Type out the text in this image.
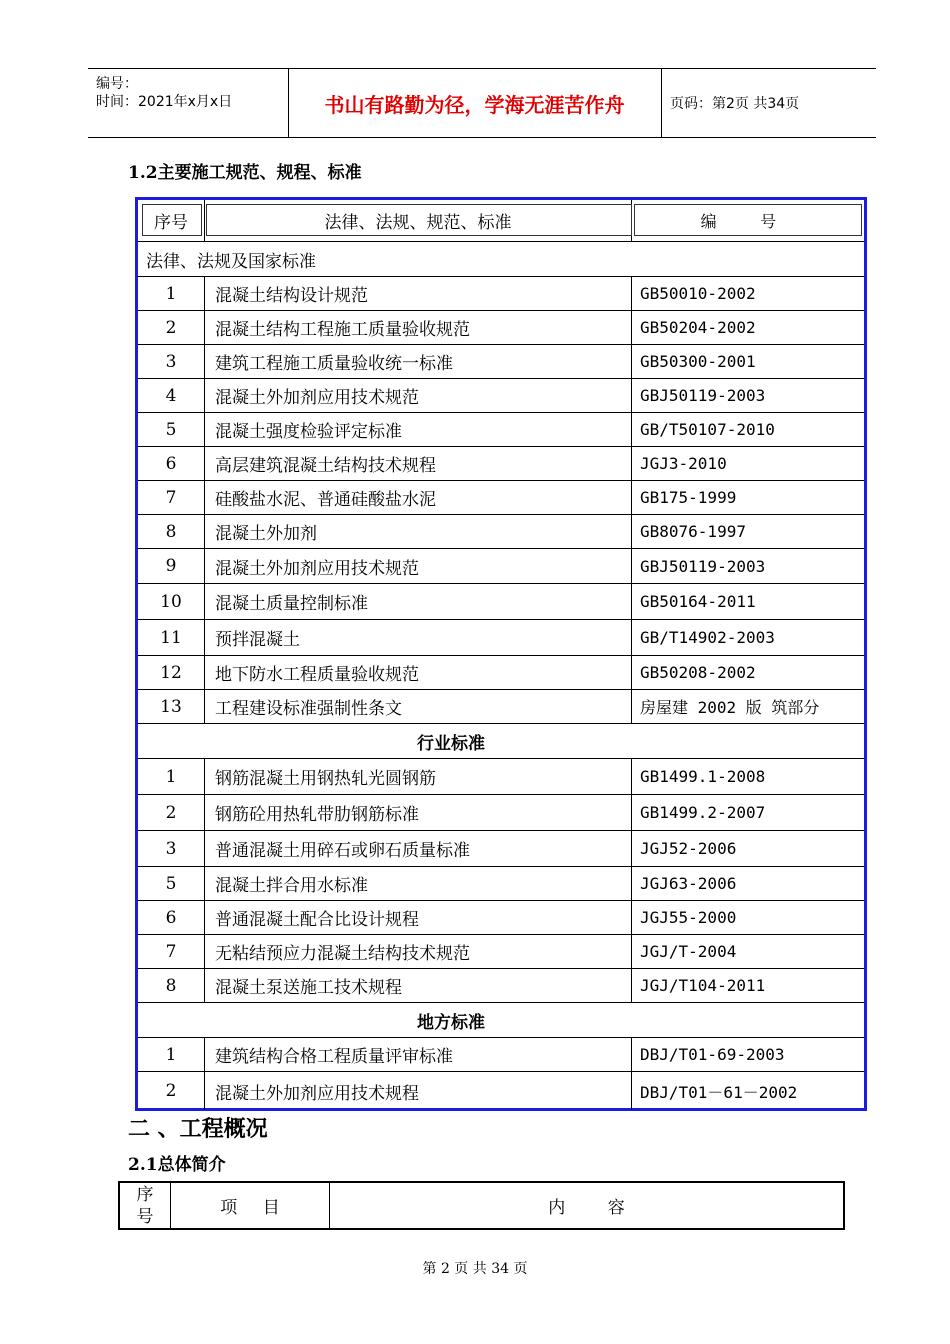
编号：
时间：2021年x月x日	书山有路勤为径，学海无涯苦作舟	页码：第2页 共34页
1.2主要施工规范、规程、标准
序号	法律、法规、规范、标准	编 号
法律、法规及国家标准
1	混凝土结构设计规范	GB50010-2002
2	混凝土结构工程施工质量验收规范	GB50204-2002
3	建筑工程施工质量验收统一标准	GB50300-2001
4	混凝土外加剂应用技术规范	GBJ50119-2003
5	混凝土强度检验评定标准	GB/T50107-2010
6	高层建筑混凝土结构技术规程	JGJ3-2010
7	硅酸盐水泥、普通硅酸盐水泥	GB175-1999
8	混凝土外加剂	GB8076-1997
9	混凝土外加剂应用技术规范	GBJ50119-2003
10	混凝土质量控制标准	GB50164-2011
11	预拌混凝土	GB/T14902-2003
12	地下防水工程质量验收规范	GB50208-2002
13	工程建设标准强制性条文	房屋建 2002 版 筑部分
行业标准
1	钢筋混凝土用钢热轧光圆钢筋	GB1499.1-2008
2	钢筋砼用热轧带肋钢筋标准	GB1499.2-2007
3	普通混凝土用碎石或卵石质量标准	JGJ52-2006
5	混凝土拌合用水标准	JGJ63-2006
6	普通混凝土配合比设计规程	JGJ55-2000
7	无粘结预应力混凝土结构技术规范	JGJ/T-2004
8	混凝土泵送施工技术规程	JGJ/T104-2011
地方标准
1	建筑结构合格工程质量评审标准	DBJ/T01-69-2003
2	混凝土外加剂应用技术规程	DBJ/T01－61－2002
二 、工程概况
2.1总体简介
序号	项目	内容
第 2 页 共 34 页
